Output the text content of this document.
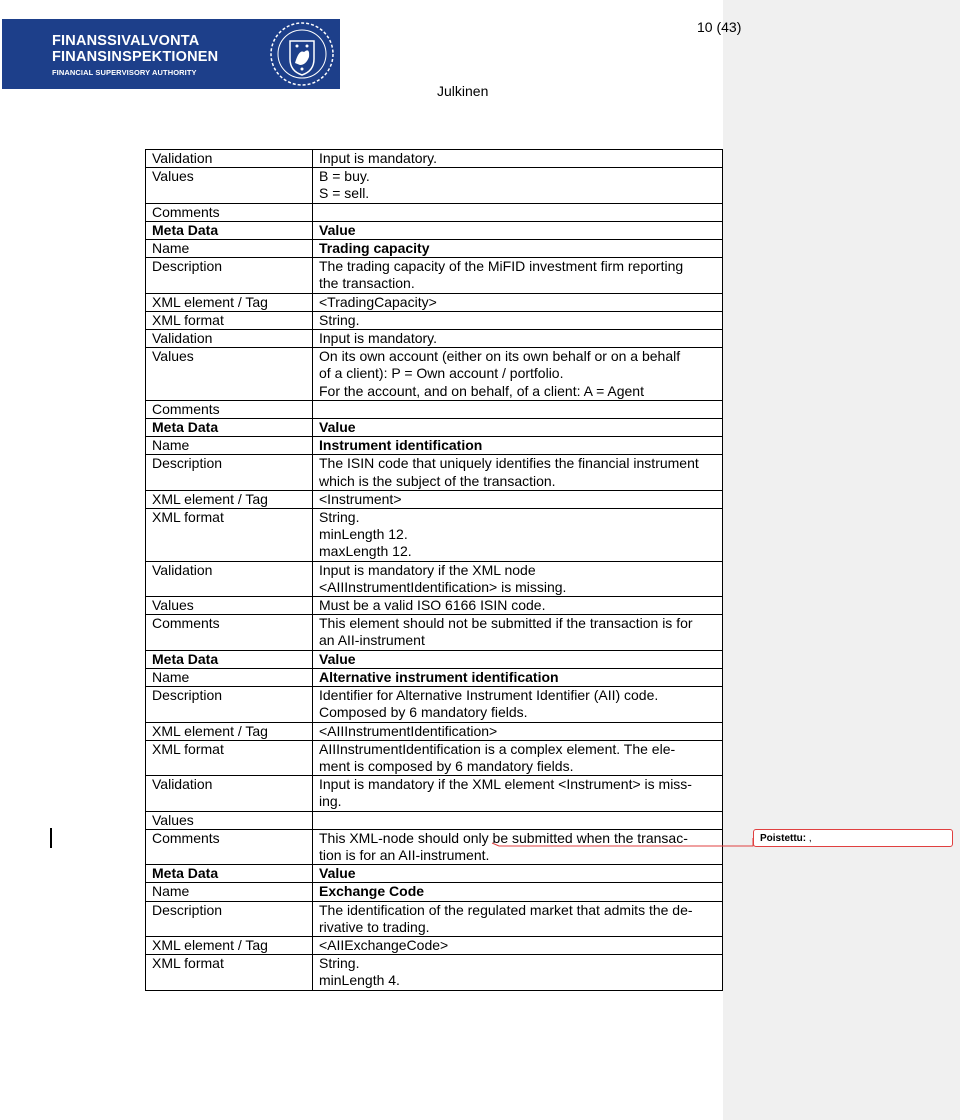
FINANSSIVALVONTA
FINANSINSPEKTIONEN
FINANCIAL SUPERVISORY AUTHORITY
10 (43)
Julkinen
Validation	Input is mandatory.
Values	B = buy.
S = sell.
Comments	
Meta Data	Value
Name	Trading capacity
Description	The trading capacity of the MiFID investment firm reporting
the transaction.
XML element / Tag	<TradingCapacity>
XML format	String.
Validation	Input is mandatory.
Values	On its own account (either on its own behalf or on a behalf
of a client): P = Own account / portfolio.
For the account, and on behalf, of a client: A = Agent
Comments	
Meta Data	Value
Name	Instrument identification
Description	The ISIN code that uniquely identifies the financial instrument
which is the subject of the transaction.
XML element / Tag	<Instrument>
XML format	String.
minLength 12.
maxLength 12.
Validation	Input is mandatory if the XML node
<AIIInstrumentIdentification> is missing.
Values	Must be a valid ISO 6166 ISIN code.
Comments	This element should not be submitted if the transaction is for
an AII-instrument
Meta Data	Value
Name	Alternative instrument identification
Description	Identifier for Alternative Instrument Identifier (AII) code.
Composed by 6 mandatory fields.
XML element / Tag	<AIIInstrumentIdentification>
XML format	AIIInstrumentIdentification is a complex element. The ele-
ment is composed by 6 mandatory fields.
Validation	Input is mandatory if the XML element <Instrument> is miss-
ing.
Values	
Comments	This XML-node should only be submitted when the transac-
tion is for an AII-instrument.
Meta Data	Value
Name	Exchange Code
Description	The identification of the regulated market that admits the de-
rivative to trading.
XML element / Tag	<AIIExchangeCode>
XML format	String.
minLength 4.
Poistettu: ,
